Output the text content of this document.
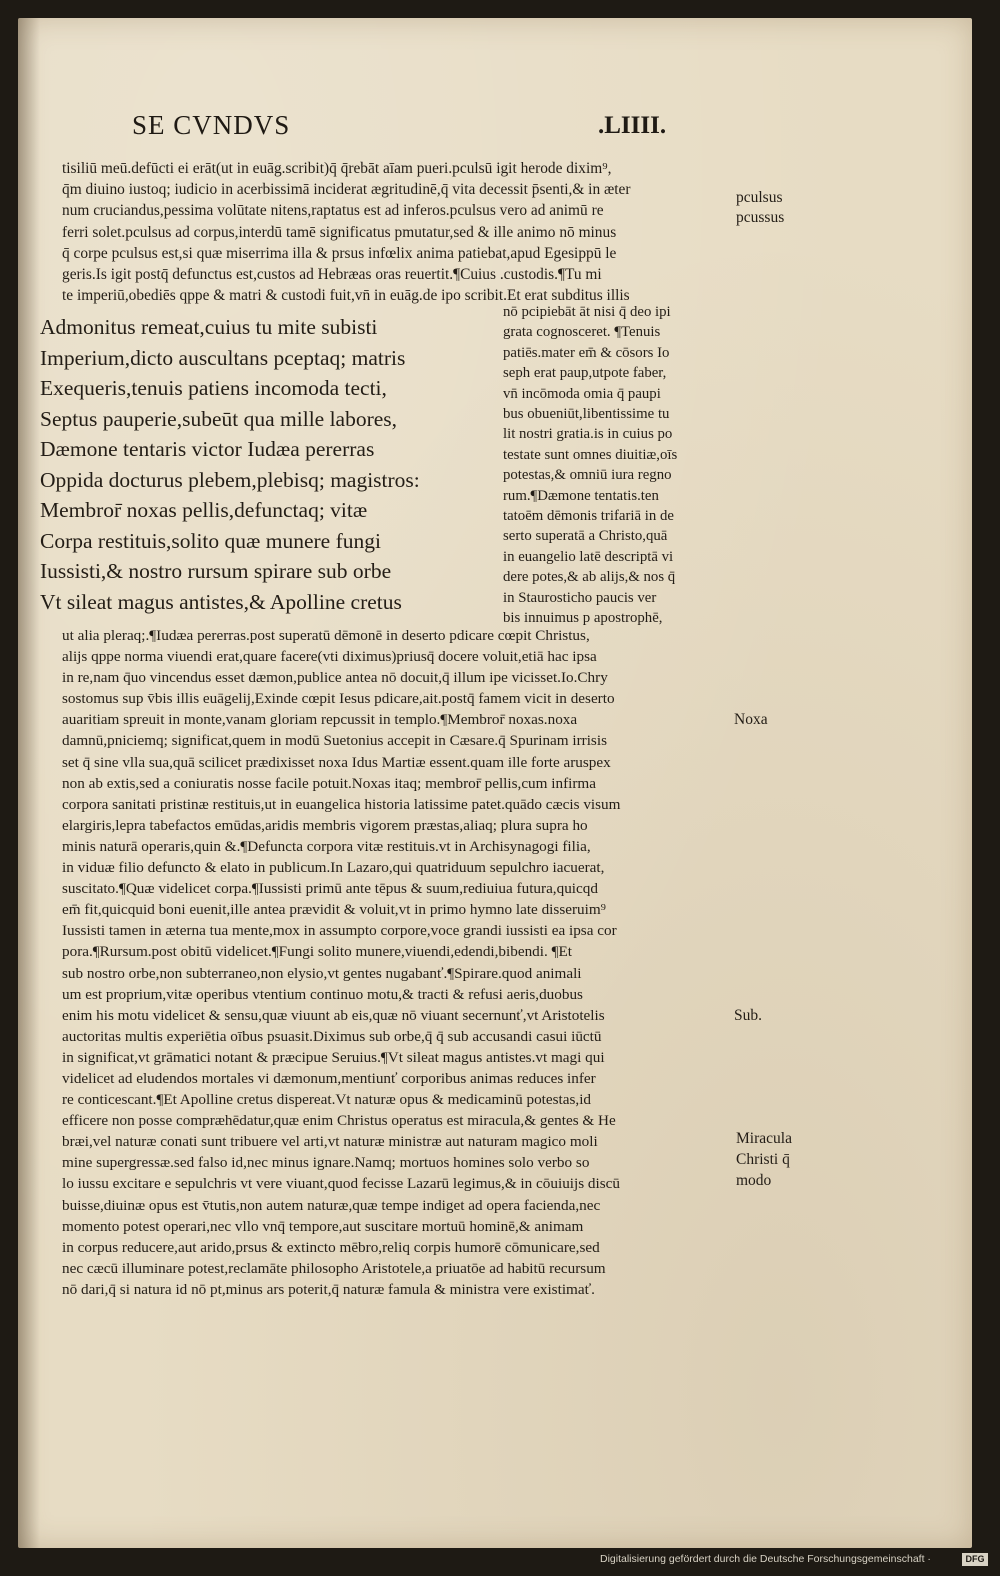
SE CVNDVS	.LIIII.

tisiliū meū.defūcti ei erāt(ut in euāg.scribit)q̄ q̄rebāt aīam pueri.pculsū igit herode dixim⁹,

q̄m diuino iustoq; iudicio in acerbissimā inciderat ægritudinē,q̄ vita decessit p̄senti,& in æter

num cruciandus,pessima volūtate nitens,raptatus est ad inferos.pculsus vero ad animū re

ferri solet.pculsus ad corpus,interdū tamē significatus pmutatur,sed & ille animo nō minus

q̄ corpe pculsus est,si quæ miserrima illa & prsus infœlix anima patiebat,apud Egesippū le

geris.Is igit postq̄ defunctus est,custos ad Hebræas oras reuertit.¶Cuius .custodis.¶Tu mi

te imperiū,obediēs qppe & matri & custodi fuit,vn̄ in euāg.de ipo scribit.Et erat subditus illis

Admonitus remeat,cuius tu mite subisti

Imperium,dicto auscultans pceptaq; matris

Exequeris,tenuis patiens incomoda tecti,

Septus pauperie,subeūt qua mille labores,

Dæmone tentaris victor Iudæa pererras

Oppida docturus plebem,plebisq; magistros:

Membror̄ noxas pellis,defunctaq; vitæ

Corpa restituis,solito quæ munere fungi

Iussisti,& nostro rursum spirare sub orbe

Vt sileat magus antistes,& Apolline cretus

nō pcipiebāt āt nisi q̄ deo ipi

grata cognosceret. ¶Tenuis

patiēs.mater em̄ & cōsors Io

seph erat paup,utpote faber,

vn̄ incōmoda omia q̄ paupi

bus obueniūt,libentissime tu

lit nostri gratia.is in cuius po

testate sunt omnes diuitiæ,oīs

potestas,& omniū iura regno

rum.¶Dæmone tentatis.ten

tatoēm dēmonis trifariā in de

serto superatā a Christo,quā

in euangelio latē descriptā vi

dere potes,& ab alijs,& nos q̄

in Staurosticho paucis ver

bis innuimus p apostrophē,

ut alia pleraq;.¶Iudæa pererras.post superatū dēmonē in deserto pdicare cœpit Christus,

alijs qppe norma viuendi erat,quare facere(vti diximus)priusq̄ docere voluit,etiā hac ipsa

in re,nam q̄uo vincendus esset dæmon,publice antea nō docuit,q̄ illum ipe vicisset.Io.Chry

sostomus sup v̄bis illis euāgelij,Exinde cœpit Iesus pdicare,ait.postq̄ famem vicit in deserto

auaritiam spreuit in monte,vanam gloriam repcussit in templo.¶Membror̄ noxas.noxa

damnū,pniciemq; significat,quem in modū Suetonius accepit in Cæsare.q̄ Spurinam irrisis

set q̄ sine vlla sua,quā scilicet prædixisset noxa Idus Martiæ essent.quam ille forte aruspex

non ab extis,sed a coniuratis nosse facile potuit.Noxas itaq; membror̄ pellis,cum infirma

corpora sanitati pristinæ restituis,ut in euangelica historia latissime patet.quādo cæcis visum

elargiris,lepra tabefactos emūdas,aridis membris vigorem præstas,aliaq; plura supra ho

minis naturā operaris,quin &.¶Defuncta corpora vitæ restituis.vt in Archisynagogi filia,

in viduæ filio defuncto & elato in publicum.In Lazaro,qui quatriduum sepulchro iacuerat,

suscitato.¶Quæ videlicet corpa.¶Iussisti primū ante tēpus & suum,rediuiua futura,quicqd

em̄ fit,quicquid boni euenit,ille antea prævidit & voluit,vt in primo hymno late disseruim⁹

Iussisti tamen in æterna tua mente,mox in assumpto corpore,voce grandi iussisti ea ipsa cor

pora.¶Rursum.post obitū videlicet.¶Fungi solito munere,viuendi,edendi,bibendi. ¶Et

sub nostro orbe,non subterraneo,non elysio,vt gentes nugabanť.¶Spirare.quod animali

um est proprium,vitæ operibus vtentium continuo motu,& tracti & refusi aeris,duobus

enim his motu videlicet & sensu,quæ viuunt ab eis,quæ nō viuant secernunť,vt Aristotelis

auctoritas multis experiētia oībus psuasit.Diximus sub orbe,q̄ q̄ sub accusandi casui iūctū

in significat,vt grāmatici notant & præcipue Seruius.¶Vt sileat magus antistes.vt magi qui

videlicet ad eludendos mortales vi dæmonum,mentiunť corporibus animas reduces infer

re conticescant.¶Et Apolline cretus dispereat.Vt naturæ opus & medicaminū potestas,id

efficere non posse compræhēdatur,quæ enim Christus operatus est miracula,& gentes & He

bræi,vel naturæ conati sunt tribuere vel arti,vt naturæ ministræ aut naturam magico moli

mine supergressæ.sed falso id,nec minus ignare.Namq; mortuos homines solo verbo so

lo iussu excitare e sepulchris vt vere viuant,quod fecisse Lazarū legimus,& in cōuiuijs discū

buisse,diuinæ opus est v̄tutis,non autem naturæ,quæ tempe indiget ad opera facienda,nec

momento potest operari,nec vllo vnq̄ tempore,aut suscitare mortuū hominē,& animam

in corpus reducere,aut arido,prsus & extincto mēbro,reliq corpis humorē cōmunicare,sed

nec cæcū illuminare potest,reclamāte philosopho Aristotele,a priuatōe ad habitū recursum

nō dari,q̄ si natura id nō pt,minus ars poterit,q̄ naturæ famula & ministra vere existimať.

pculsus
pcussus
Noxa
Sub.
Miracula
Christi q̄
modo
Digitalisierung gefördert durch die Deutsche Forschungsgemeinschaft ·	DFG
